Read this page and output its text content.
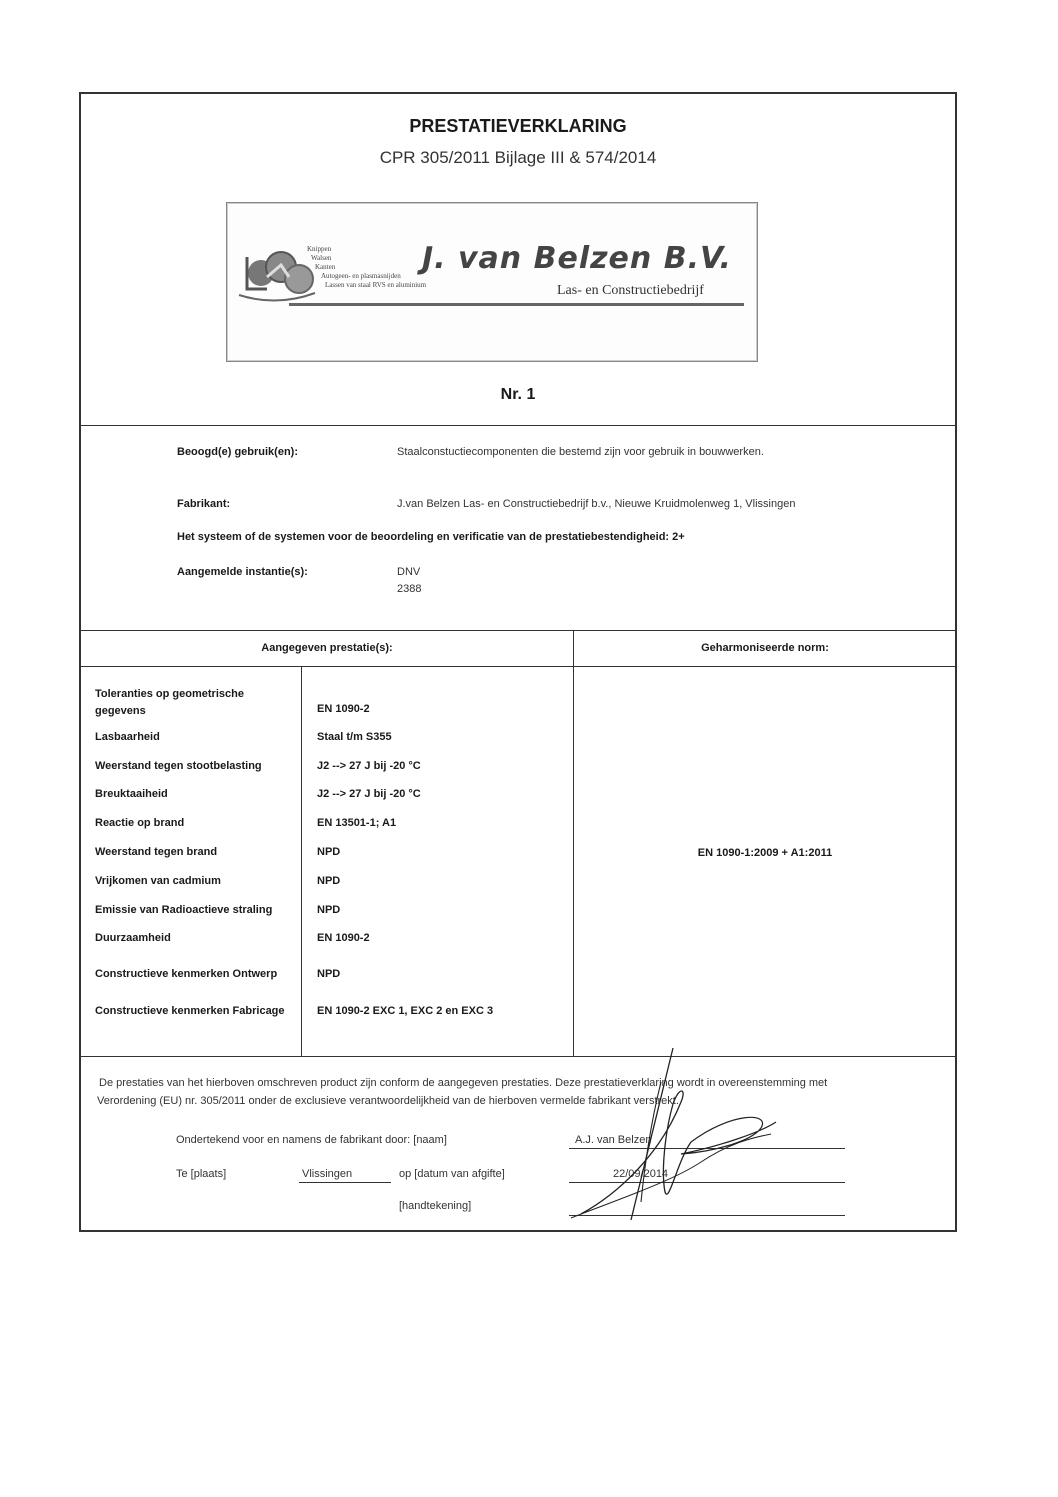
PRESTATIEVERKLARING
CPR 305/2011 Bijlage III & 574/2014
Knippen
Walsen
Kanten
Autogeen- en plasmasnijden
Lassen van staal RVS en aluminium
J. van Belzen B.V.
Las- en Constructiebedrijf
Nr. 1
Beoogd(e) gebruik(en):	Staalconstuctiecomponenten die bestemd zijn voor gebruik in bouwwerken.
Fabrikant:	J.van Belzen Las- en Constructiebedrijf b.v., Nieuwe Kruidmolenweg 1, Vlissingen
Het systeem of de systemen voor de beoordeling en verificatie van de prestatiebestendigheid: 2+
Aangemelde instantie(s):	DNV
2388
Aangegeven prestatie(s):	Geharmoniseerde norm:
Toleranties op geometrische gegevens	EN 1090-2
Lasbaarheid	Staal t/m S355
Weerstand tegen stootbelasting	J2 --> 27 J bij -20 °C
Breuktaaiheid	J2 --> 27 J bij -20 °C
Reactie op brand	EN 13501-1; A1
Weerstand tegen brand	NPD
Vrijkomen van cadmium	NPD
Emissie van Radioactieve straling	NPD
Duurzaamheid	EN 1090-2
Constructieve kenmerken Ontwerp	NPD
Constructieve kenmerken Fabricage	EN 1090-2 EXC 1, EXC 2 en EXC 3
EN 1090-1:2009 + A1:2011
De prestaties van het hierboven omschreven product zijn conform de aangegeven prestaties. Deze prestatieverklaring wordt in overeenstemming met
Verordening (EU) nr. 305/2011 onder de exclusieve verantwoordelijkheid van de hierboven vermelde fabrikant verstrekt.
Ondertekend voor en namens de fabrikant door: [naam]	A.J. van Belzen
Te [plaats]	Vlissingen	op [datum van afgifte]	22/09/2014
[handtekening]
